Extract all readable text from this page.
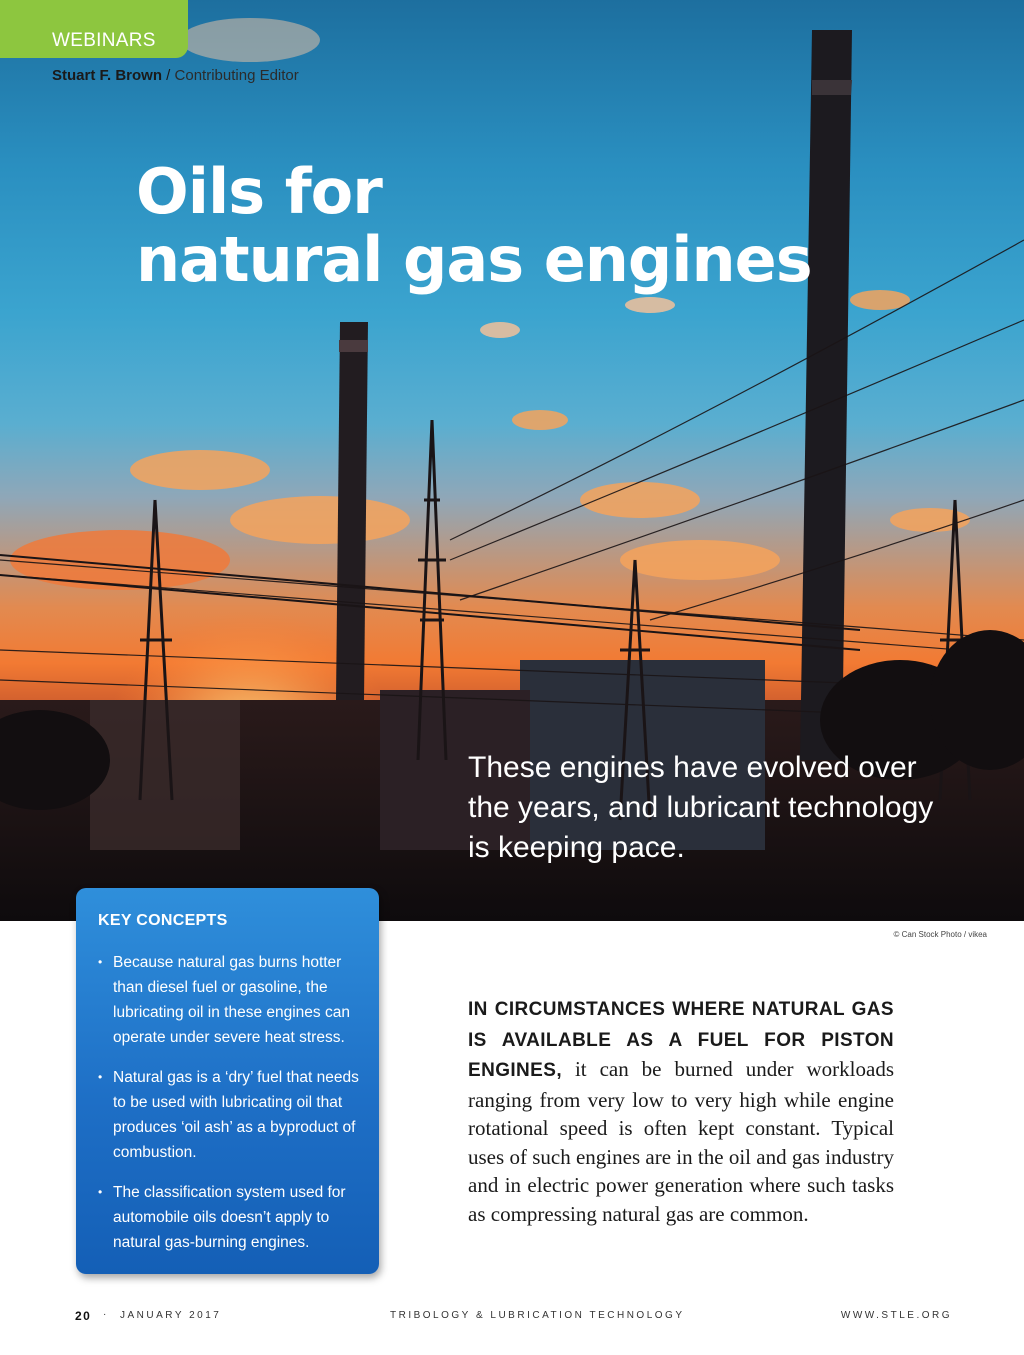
WEBINARS
Stuart F. Brown / Contributing Editor
Oils for
natural gas engines

These engines have evolved over the years, and lubricant technology is keeping pace.

© Can Stock Photo / vikea
KEY CONCEPTS
• Because natural gas burns hotter than diesel fuel or gasoline, the lubricating oil in these engines can operate under severe heat stress.
• Natural gas is a ‘dry’ fuel that needs to be used with lubricating oil that produces ‘oil ash’ as a byproduct of combustion.
• The classification system used for automobile oils doesn’t apply to natural gas-burning engines.
IN CIRCUMSTANCES WHERE NATURAL GAS IS AVAILABLE AS A FUEL FOR PISTON ENGINES, it can be burned under workloads ranging from very low to very high while engine rotational speed is often kept constant. Typical uses of such engines are in the oil and gas industry and in electric power generation where such tasks as compressing natural gas are common.
20 · JANUARY 2017	TRIBOLOGY & LUBRICATION TECHNOLOGY	WWW.STLE.ORG
